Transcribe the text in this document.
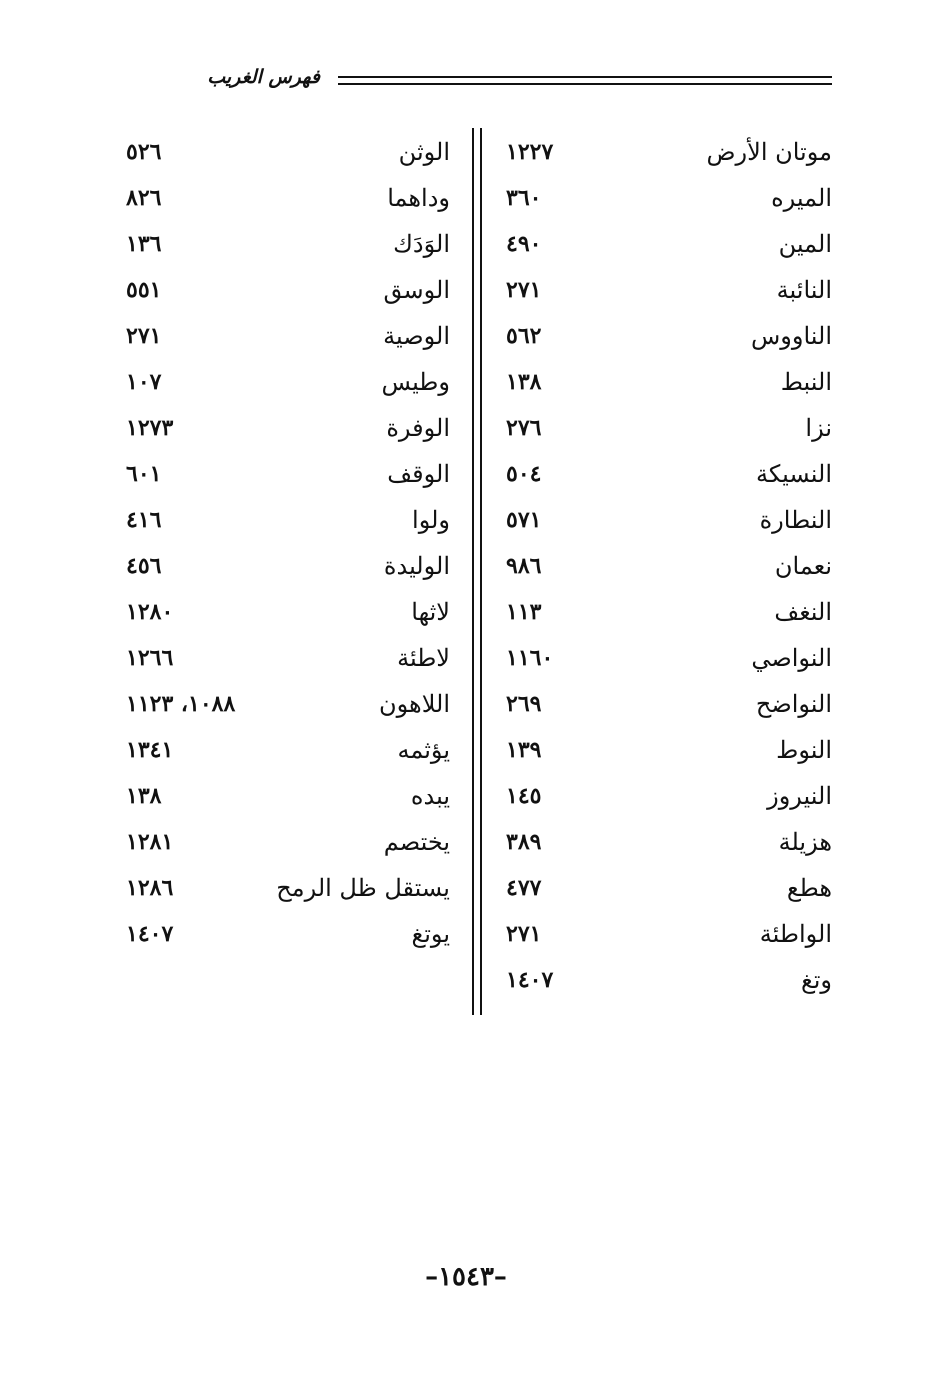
فهرس الغريب
موتان الأرض
١٢٢٧
الميره
٣٦٠
المين
٤٩٠
النائبة
٢٧١
الناووس
٥٦٢
النبط
١٣٨
نزا
٢٧٦
النسيكة
٥٠٤
النطارة
٥٧١
نعمان
٩٨٦
النغف
١١٣
النواصي
١١٦٠
النواضح
٢٦٩
النوط
١٣٩
النيروز
١٤٥
هزيلة
٣٨٩
هطع
٤٧٧
الواطئة
٢٧١
وتغ
١٤٠٧
الوثن
٥٢٦
وداهما
٨٢٦
الوَدَك
١٣٦
الوسق
٥٥١
الوصية
٢٧١
وطيس
١٠٧
الوفرة
١٢٧٣
الوقف
٦٠١
ولوا
٤١٦
الوليدة
٤٥٦
لاثها
١٢٨٠
لاطئة
١٢٦٦
اللاهون
١٠٨٨، ١١٢٣
يؤثمه
١٣٤١
يبده
١٣٨
يختصم
١٢٨١
يستقل ظل الرمح
١٢٨٦
يوتغ
١٤٠٧
–١٥٤٣–
